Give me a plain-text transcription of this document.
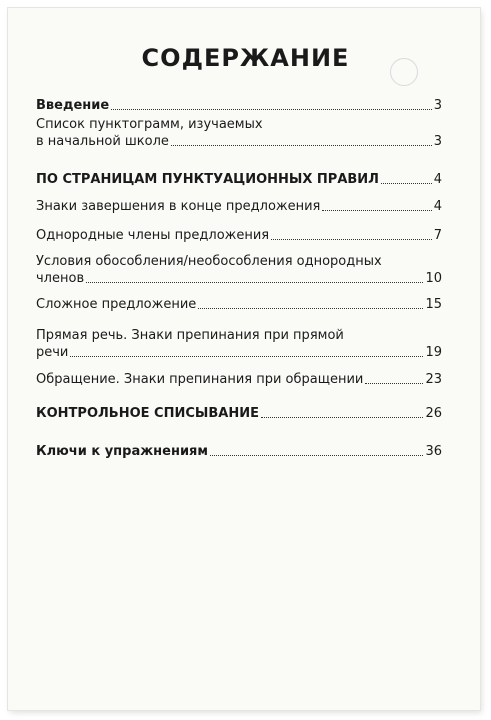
СОДЕРЖАНИЕ
Введение	3
Список пунктограмм, изучаемых
в начальной школе	3
ПО СТРАНИЦАМ ПУНКТУАЦИОННЫХ ПРАВИЛ	4
Знаки завершения в конце предложения	4
Однородные члены предложения	7
Условия обособления/необособления однородных
членов	10
Сложное предложение	15
Прямая речь. Знаки препинания при прямой
речи	19
Обращение. Знаки препинания при обращении	23
КОНТРОЛЬНОЕ СПИСЫВАНИЕ	26
Ключи к упражнениям	36
